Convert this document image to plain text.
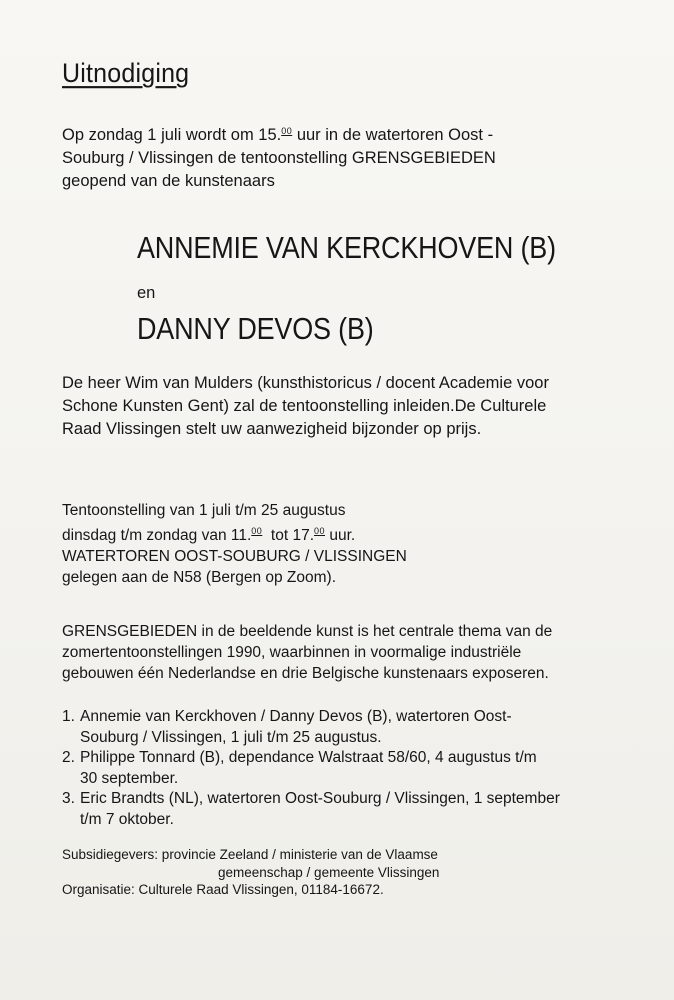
Uitnodiging
Op zondag 1 juli wordt om 15.00 uur in de watertoren Oost -
Souburg / Vlissingen de tentoonstelling GRENSGEBIEDEN
geopend van de kunstenaars
ANNEMIE VAN KERCKHOVEN (B)
en
DANNY DEVOS (B)
De heer Wim van Mulders (kunsthistoricus / docent Academie voor
Schone Kunsten Gent) zal de tentoonstelling inleiden.De Culturele
Raad Vlissingen stelt uw aanwezigheid bijzonder op prijs.
Tentoonstelling van 1 juli t/m 25 augustus
dinsdag t/m zondag van 11.00  tot 17.00 uur.
WATERTOREN OOST-SOUBURG / VLISSINGEN
gelegen aan de N58 (Bergen op Zoom).
GRENSGEBIEDEN in de beeldende kunst is het centrale thema van de
zomertentoonstellingen 1990, waarbinnen in voormalige industriële
gebouwen één Nederlandse en drie Belgische kunstenaars exposeren.
1. Annemie van Kerckhoven / Danny Devos (B), watertoren Oost-
Souburg / Vlissingen, 1 juli t/m 25 augustus.
2. Philippe Tonnard (B), dependance Walstraat 58/60, 4 augustus t/m
30 september.
3. Eric Brandts (NL), watertoren Oost-Souburg / Vlissingen, 1 september
t/m 7 oktober.
Subsidiegevers: provincie Zeeland / ministerie van de Vlaamse
gemeenschap / gemeente Vlissingen
Organisatie: Culturele Raad Vlissingen, 01184-16672.
